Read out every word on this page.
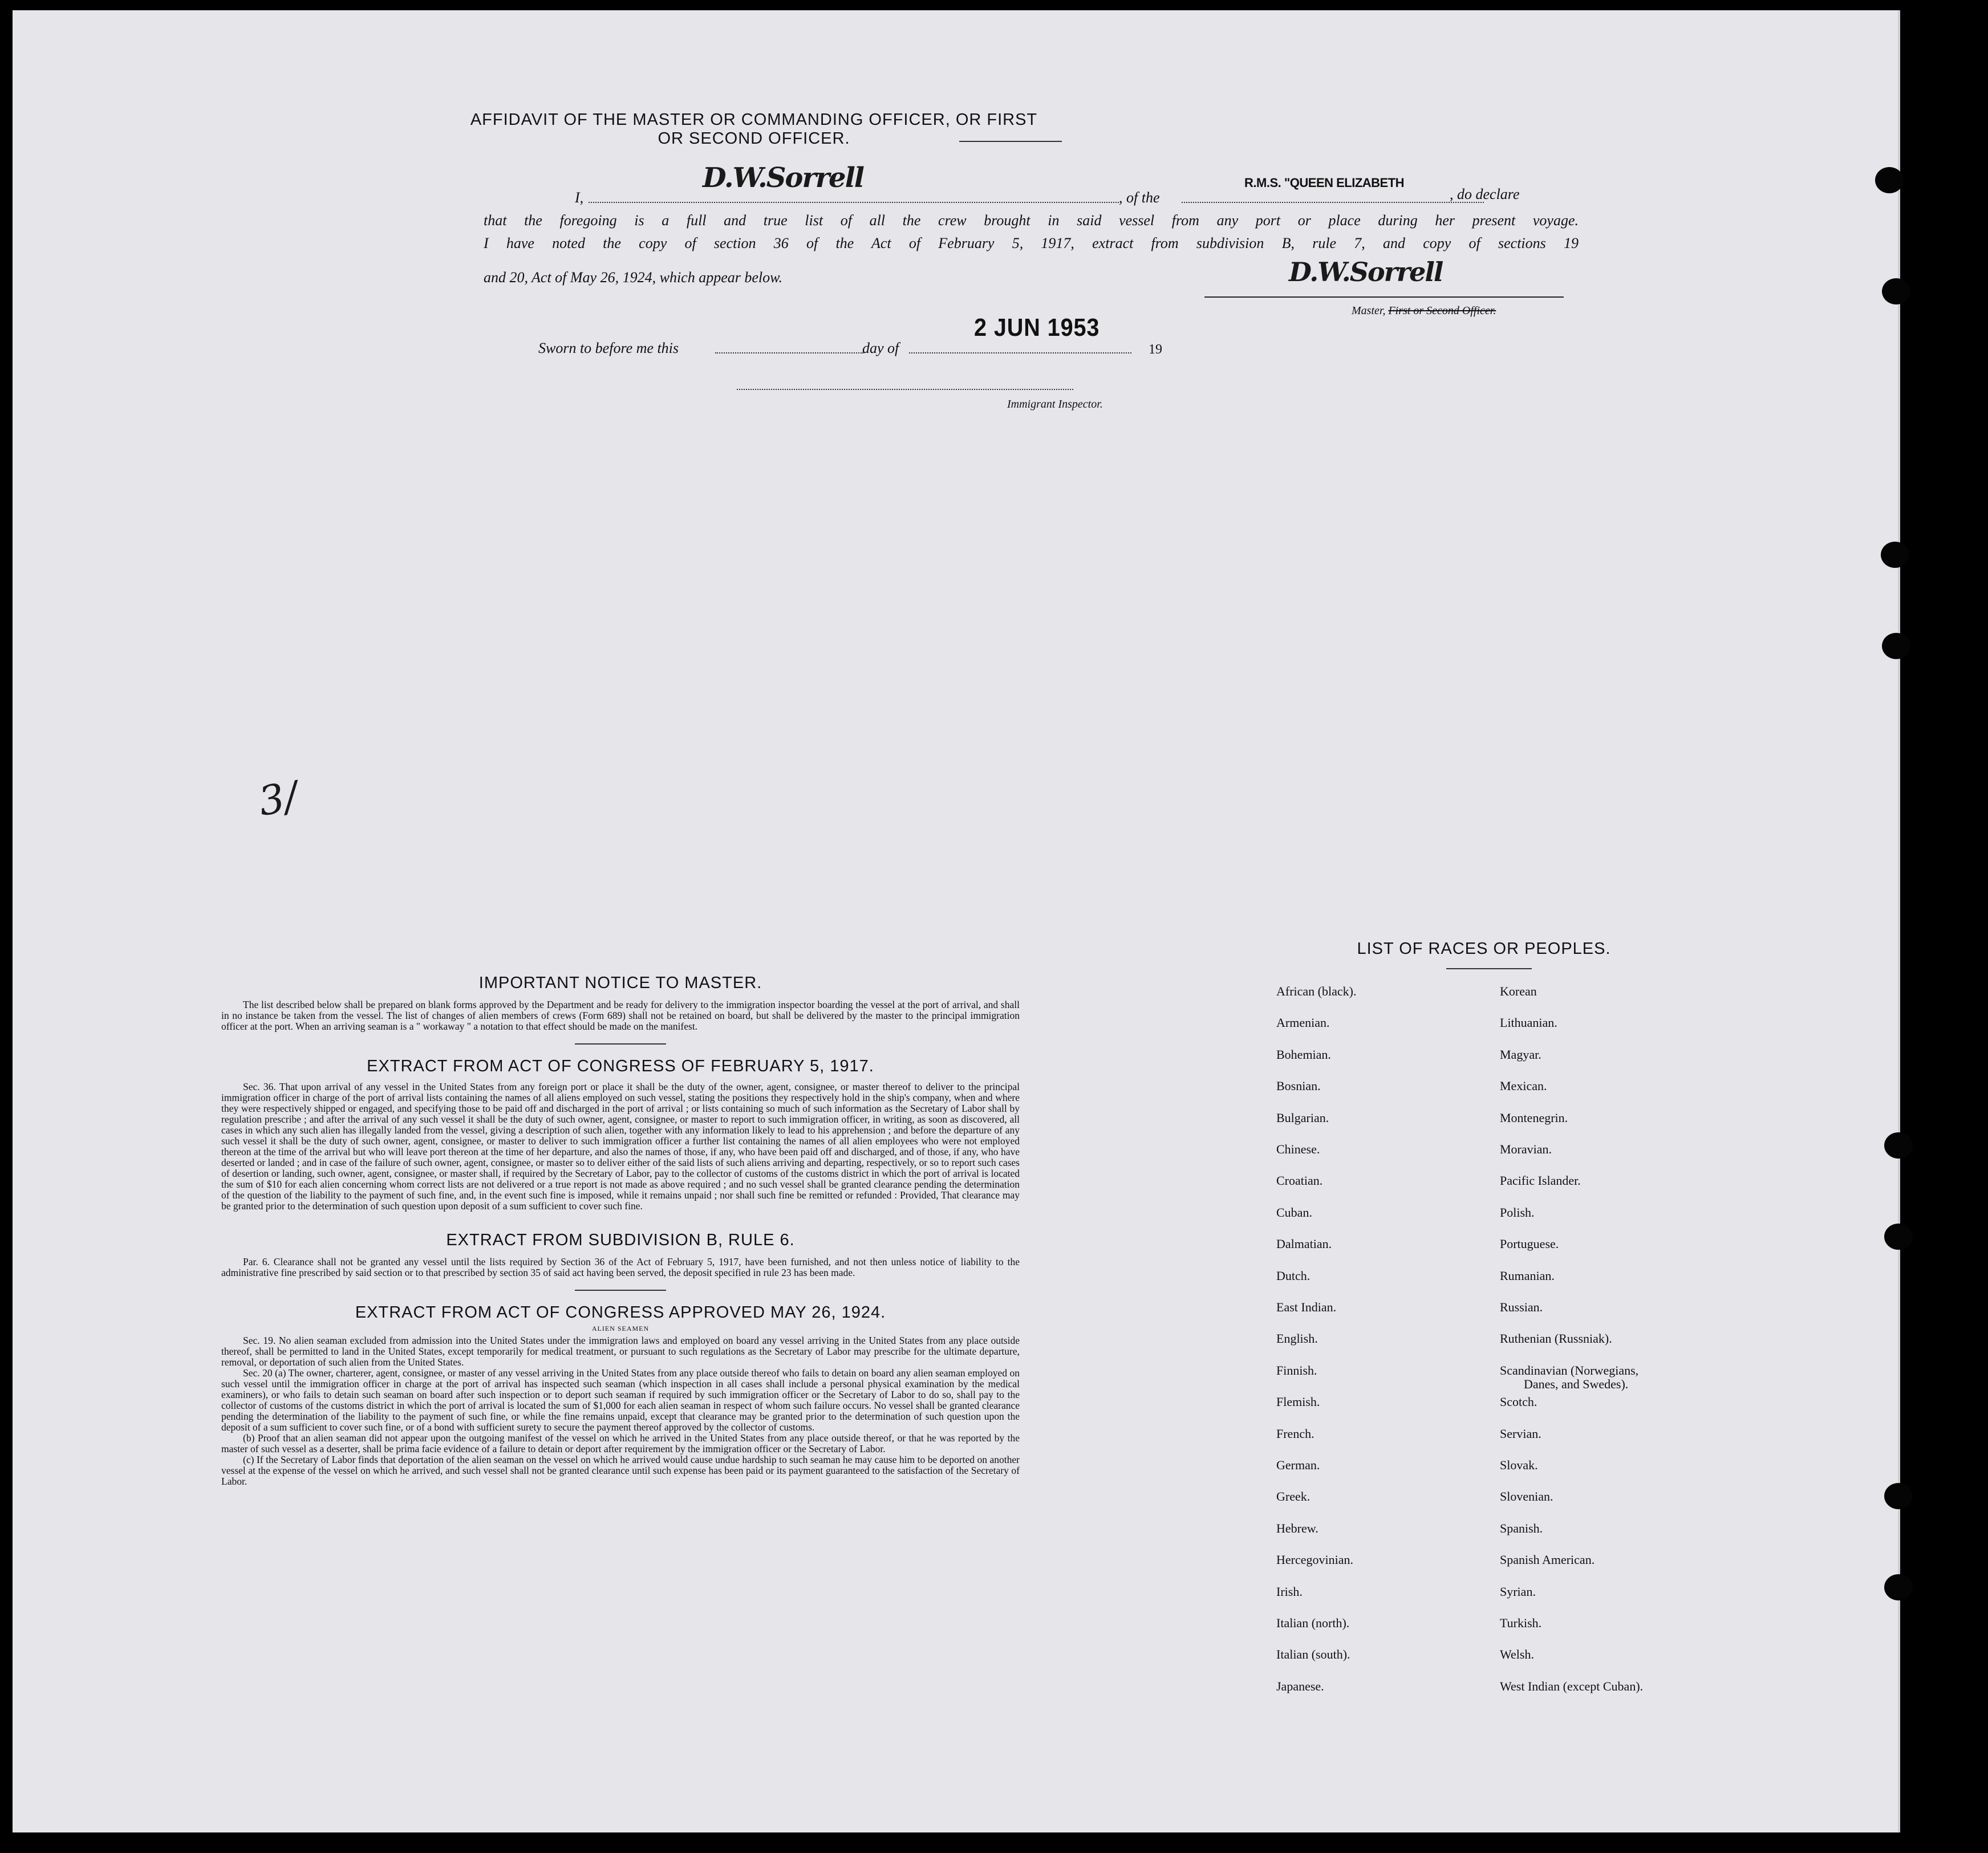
AFFIDAVIT OF THE MASTER OR COMMANDING OFFICER, OR FIRST OR SECOND OFFICER.
I,
D.W.Sorrell
, of the
R.M.S. "QUEEN ELIZABETH
, do declare
that the foregoing is a full and true list of all the crew brought in said vessel from any port or place during her present voyage.
I have noted the copy of section 36 of the Act of February 5, 1917, extract from subdivision B, rule 7, and copy of sections 19
and 20, Act of May 26, 1924, which appear below.	D.W.Sorrell
Master, First or Second Officer.
Sworn to before me this	day of
2 JUN 1953
19
Immigrant Inspector.
3/
IMPORTANT NOTICE TO MASTER.

The list described below shall be prepared on blank forms approved by the Department and be ready for delivery to the immigration inspector boarding the vessel at the port of arrival, and shall in no instance be taken from the vessel. The list of changes of alien members of crews (Form 689) shall not be retained on board, but shall be delivered by the master to the principal immigration officer at the port. When an arriving seaman is a " workaway " a notation to that effect should be made on the manifest.

EXTRACT FROM ACT OF CONGRESS OF FEBRUARY 5, 1917.

Sec. 36. That upon arrival of any vessel in the United States from any foreign port or place it shall be the duty of the owner, agent, consignee, or master thereof to deliver to the principal immigration officer in charge of the port of arrival lists containing the names of all aliens employed on such vessel, stating the positions they respectively hold in the ship's company, when and where they were respectively shipped or engaged, and specifying those to be paid off and discharged in the port of arrival ; or lists containing so much of such information as the Secretary of Labor shall by regulation prescribe ; and after the arrival of any such vessel it shall be the duty of such owner, agent, consignee, or master to report to such immigration officer, in writing, as soon as discovered, all cases in which any such alien has illegally landed from the vessel, giving a description of such alien, together with any information likely to lead to his apprehension ; and before the departure of any such vessel it shall be the duty of such owner, agent, consignee, or master to deliver to such immigration officer a further list containing the names of all alien employees who were not employed thereon at the time of the arrival but who will leave port thereon at the time of her departure, and also the names of those, if any, who have been paid off and discharged, and of those, if any, who have deserted or landed ; and in case of the failure of such owner, agent, consignee, or master so to deliver either of the said lists of such aliens arriving and departing, respectively, or so to report such cases of desertion or landing, such owner, agent, consignee, or master shall, if required by the Secretary of Labor, pay to the collector of customs of the customs district in which the port of arrival is located the sum of $10 for each alien concerning whom correct lists are not delivered or a true report is not made as above required ; and no such vessel shall be granted clearance pending the determination of the question of the liability to the payment of such fine, and, in the event such fine is imposed, while it remains unpaid ; nor shall such fine be remitted or refunded : Provided, That clearance may be granted prior to the determination of such question upon deposit of a sum sufficient to cover such fine.

EXTRACT FROM SUBDIVISION B, RULE 6.

Par. 6. Clearance shall not be granted any vessel until the lists required by Section 36 of the Act of February 5, 1917, have been furnished, and not then unless notice of liability to the administrative fine prescribed by said section or to that prescribed by section 35 of said act having been served, the deposit specified in rule 23 has been made.

EXTRACT FROM ACT OF CONGRESS APPROVED MAY 26, 1924.
ALIEN SEAMEN

Sec. 19. No alien seaman excluded from admission into the United States under the immigration laws and employed on board any vessel arriving in the United States from any place outside thereof, shall be permitted to land in the United States, except temporarily for medical treatment, or pursuant to such regulations as the Secretary of Labor may prescribe for the ultimate departure, removal, or deportation of such alien from the United States.

Sec. 20 (a) The owner, charterer, agent, consignee, or master of any vessel arriving in the United States from any place outside thereof who fails to detain on board any alien seaman employed on such vessel until the immigration officer in charge at the port of arrival has inspected such seaman (which inspection in all cases shall include a personal physical examination by the medical examiners), or who fails to detain such seaman on board after such inspection or to deport such seaman if required by such immigration officer or the Secretary of Labor to do so, shall pay to the collector of customs of the customs district in which the port of arrival is located the sum of $1,000 for each alien seaman in respect of whom such failure occurs. No vessel shall be granted clearance pending the determination of the liability to the payment of such fine, or while the fine remains unpaid, except that clearance may be granted prior to the determination of such question upon the deposit of a sum sufficient to cover such fine, or of a bond with sufficient surety to secure the payment thereof approved by the collector of customs.

(b) Proof that an alien seaman did not appear upon the outgoing manifest of the vessel on which he arrived in the United States from any place outside thereof, or that he was reported by the master of such vessel as a deserter, shall be prima facie evidence of a failure to detain or deport after requirement by the immigration officer or the Secretary of Labor.

(c) If the Secretary of Labor finds that deportation of the alien seaman on the vessel on which he arrived would cause undue hardship to such seaman he may cause him to be deported on another vessel at the expense of the vessel on which he arrived, and such vessel shall not be granted clearance until such expense has been paid or its payment guaranteed to the satisfaction of the Secretary of Labor.

LIST OF RACES OR PEOPLES.
African (black).
Armenian.
Bohemian.
Bosnian.
Bulgarian.
Chinese.
Croatian.
Cuban.
Dalmatian.
Dutch.
East Indian.
English.
Finnish.
Flemish.
French.
German.
Greek.
Hebrew.
Hercegovinian.
Irish.
Italian (north).
Italian (south).
Japanese.
Korean
Lithuanian.
Magyar.
Mexican.
Montenegrin.
Moravian.
Pacific Islander.
Polish.
Portuguese.
Rumanian.
Russian.
Ruthenian (Russniak).
Scandinavian (Norwegians,
Danes, and Swedes).
Scotch.
Servian.
Slovak.
Slovenian.
Spanish.
Spanish American.
Syrian.
Turkish.
Welsh.
West Indian (except Cuban).
